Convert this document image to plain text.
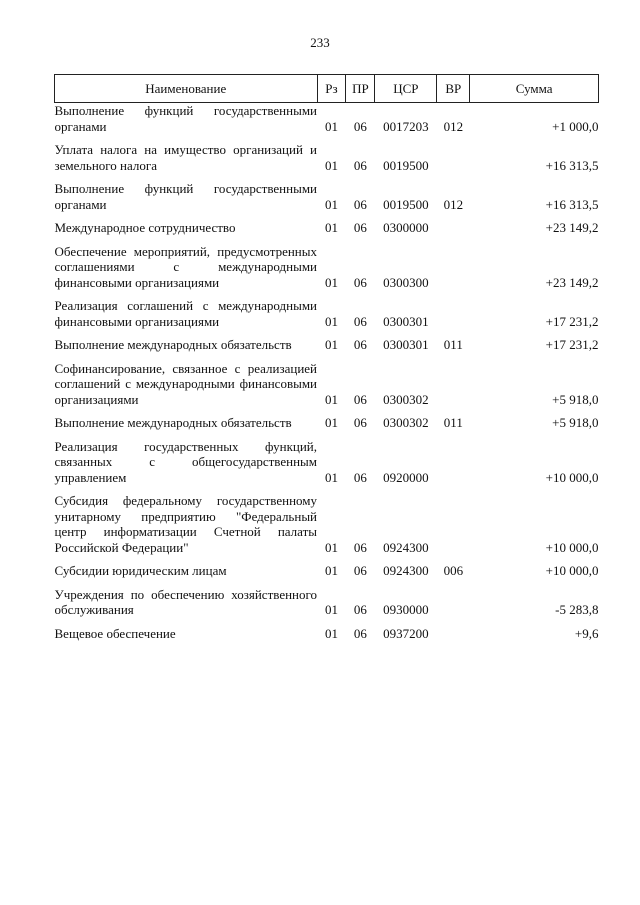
233
Наименование	Рз	ПР	ЦСР	ВР	Сумма
Выполнение функций государственными органами	01	06	0017203	012	+1 000,0
Уплата налога на имущество организаций и земельного налога	01	06	0019500		+16 313,5
Выполнение функций государственными органами	01	06	0019500	012	+16 313,5
Международное сотрудничество	01	06	0300000		+23 149,2
Обеспечение мероприятий, предусмотренных соглашениями с международными финансовыми организациями	01	06	0300300		+23 149,2
Реализация соглашений с международными финансовыми организациями	01	06	0300301		+17 231,2
Выполнение международных обязательств	01	06	0300301	011	+17 231,2
Софинансирование, связанное с реализацией соглашений с международными финансовыми организациями	01	06	0300302		+5 918,0
Выполнение международных обязательств	01	06	0300302	011	+5 918,0
Реализация государственных функций, связанных с общегосударственным управлением	01	06	0920000		+10 000,0
Субсидия федеральному государственному унитарному предприятию "Федеральный центр информатизации Счетной палаты Российской Федерации"	01	06	0924300		+10 000,0
Субсидии юридическим лицам	01	06	0924300	006	+10 000,0
Учреждения по обеспечению хозяйственного обслуживания	01	06	0930000		-5 283,8
Вещевое обеспечение	01	06	0937200		+9,6
